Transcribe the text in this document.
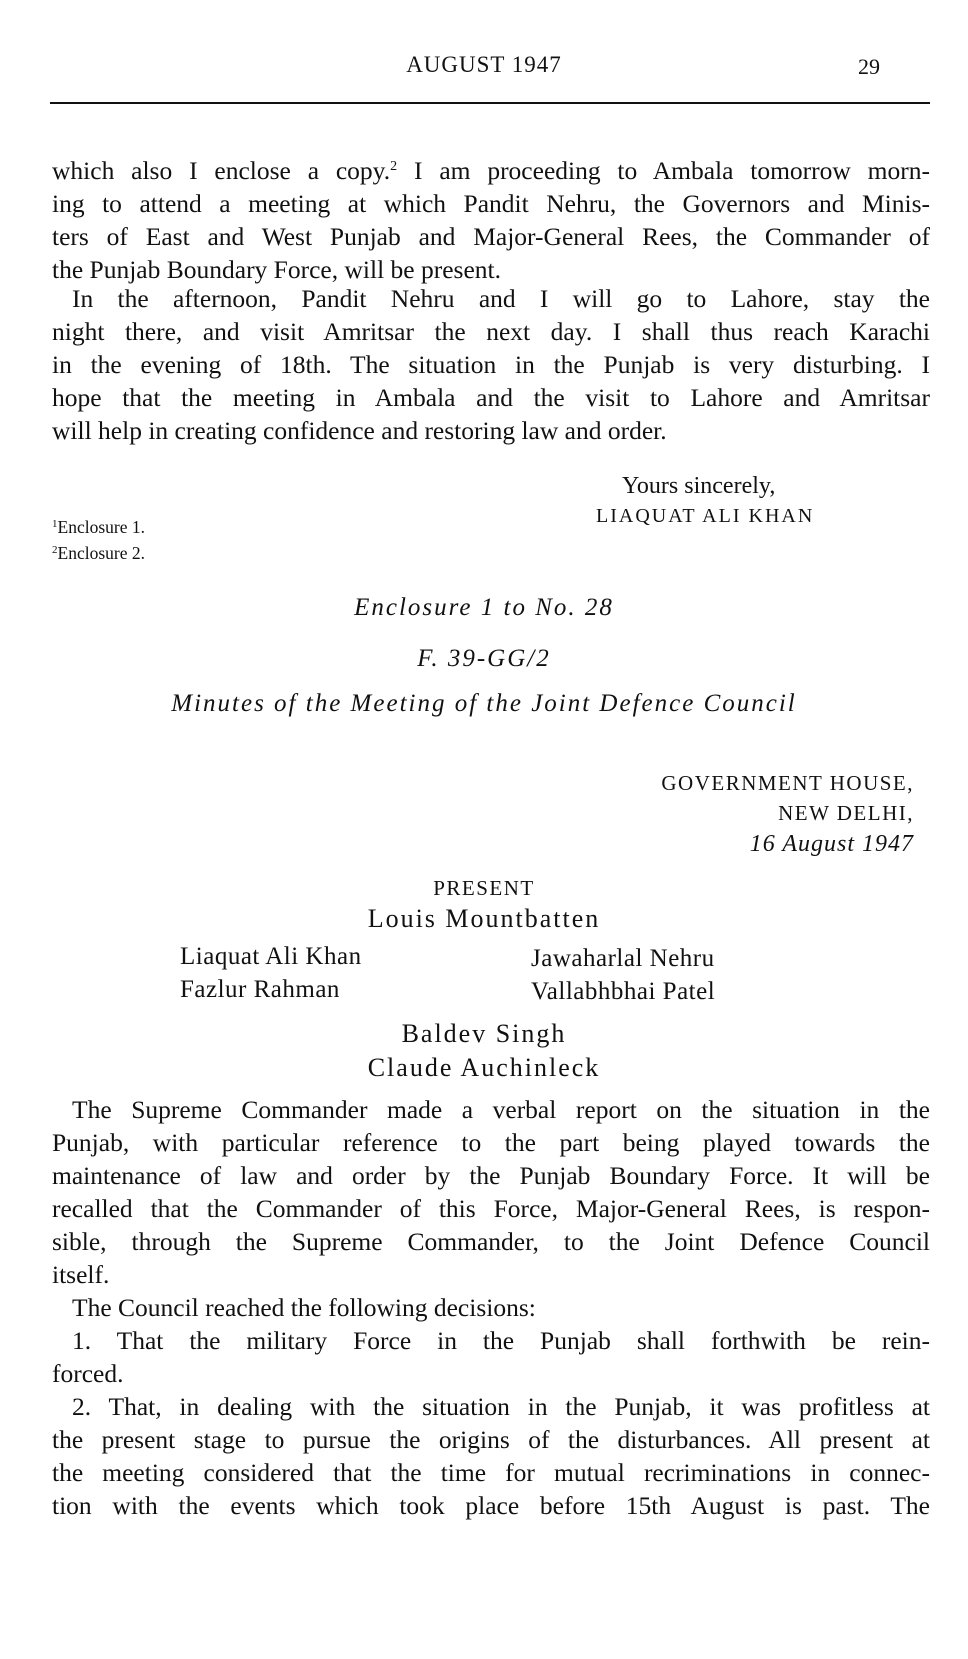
AUGUST 1947	29
which also I enclose a copy.$^2$ I am proceeding to Ambala tomorrow morn-
ing to attend a meeting at which Pandit Nehru, the Governors and Minis-
ters of East and West Punjab and Major-General Rees, the Commander of
the Punjab Boundary Force, will be present.
In the afternoon, Pandit Nehru and I will go to Lahore, stay the
night there, and visit Amritsar the next day. I shall thus reach Karachi
in the evening of 18th. The situation in the Punjab is very disturbing. I
hope that the meeting in Ambala and the visit to Lahore and Amritsar
will help in creating confidence and restoring law and order.
Yours sincerely,
LIAQUAT ALI KHAN
$^1$Enclosure 1.
$^2$Enclosure 2.
Enclosure 1 to No. 28
F. 39-GG/2
Minutes of the Meeting of the Joint Defence Council
GOVERNMENT HOUSE,
NEW DELHI,
16 August 1947
PRESENT
Louis Mountbatten
Liaquat Ali Khan
Fazlur Rahman
Jawaharlal Nehru
Vallabhbhai Patel
Baldev Singh
Claude Auchinleck
The Supreme Commander made a verbal report on the situation in the
Punjab, with particular reference to the part being played towards the
maintenance of law and order by the Punjab Boundary Force. It will be
recalled that the Commander of this Force, Major-General Rees, is respon-
sible, through the Supreme Commander, to the Joint Defence Council
itself.
The Council reached the following decisions:
1. That the military Force in the Punjab shall forthwith be rein-
forced.
2. That, in dealing with the situation in the Punjab, it was profitless at
the present stage to pursue the origins of the disturbances. All present at
the meeting considered that the time for mutual recriminations in connec-
tion with the events which took place before 15th August is past. The
